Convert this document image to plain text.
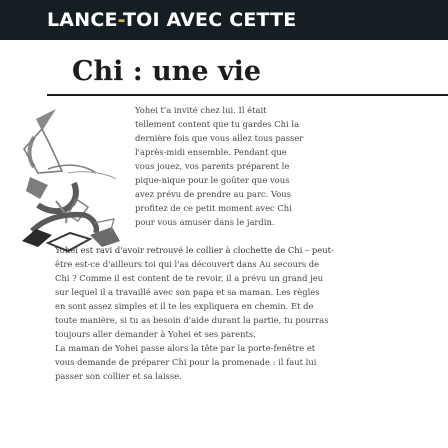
LANCE-TOI AVEC CETTE
Chi : une vie
Yohei t'a invité chez lui. Il était
tellement content que tu gardes Chi la
dernière fois que vous allez tous passer
l'après-midi ensemble. Pendant que
vous jouez, vos parents préparent le
pique-nique pour le goûter que vous
avez prévu de prendre au parc. Vous
profitez de ce petit moment avec Chi
pour vous amuser dans le jardin.
Yohei est ravi d'avoir retrouvé le collier à clochette de Chi – peut-
être est-ce d'ailleurs toi qui l'as découvert dans Au secours de
Chi ? Comme il est content de te revoir, il a prévu un grand jeu
sur lequel il a travaillé avec son papa et sa maman. Les règles
en sont assez simples et il te les expliquera en chemin. Et de
toute manière, si tu as besoin d'aide durant la partie, tu pourras
toujours aller demander à Yohei et ses parents.
La maman de Yohei passe alors la tête par la porte-fenêtre et
vous demande de préparer Chi pour la promenade : il faut lui
passer son collier et sa laisse.
